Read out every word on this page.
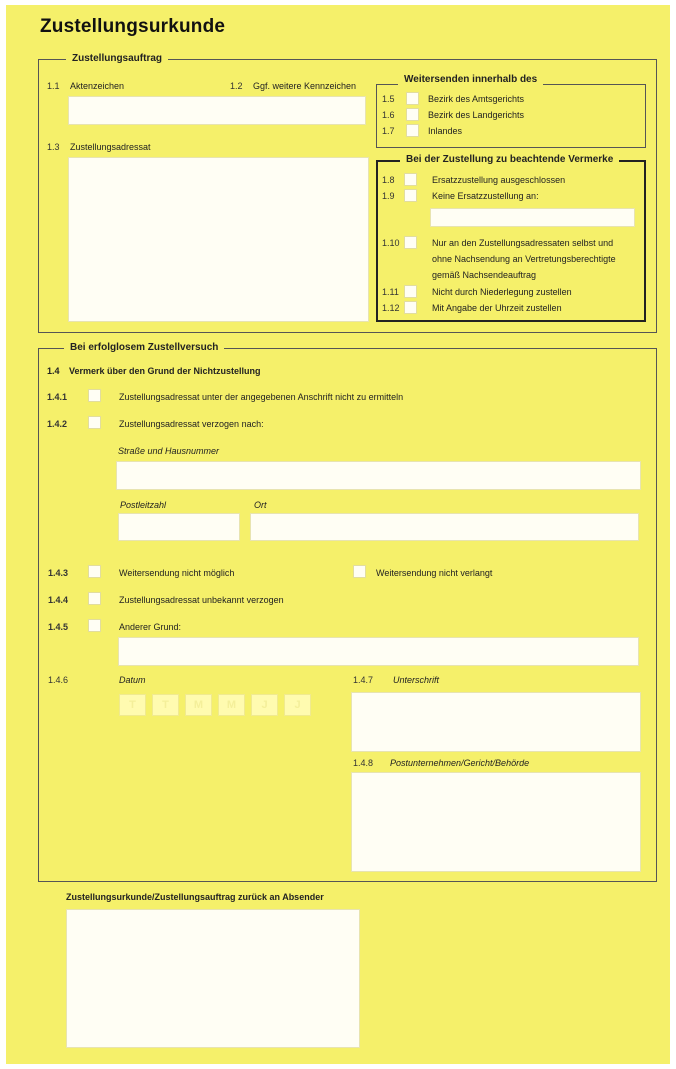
Zustellungsurkunde
Zustellungsauftrag
1.1 Aktenzeichen	1.2 Ggf. weitere Kennzeichen
1.3 Zustellungsadressat
Weitersenden innerhalb des
1.5	Bezirk des Amtsgerichts
1.6	Bezirk des Landgerichts
1.7	Inlandes
Bei der Zustellung zu beachtende Vermerke
1.8	Ersatzzustellung ausgeschlossen
1.9	Keine Ersatzzustellung an:
1.10	Nur an den Zustellungsadressaten selbst und
ohne Nachsendung an Vertretungsberechtigte
gemäß Nachsendeauftrag
1.11	Nicht durch Niederlegung zustellen
1.12	Mit Angabe der Uhrzeit zustellen
Bei erfolglosem Zustellversuch
1.4 Vermerk über den Grund der Nichtzustellung
1.4.1	Zustellungsadressat unter der angegebenen Anschrift nicht zu ermitteln
1.4.2	Zustellungsadressat verzogen nach:
Straße und Hausnummer
Postleitzahl	Ort
1.4.3	Weitersendung nicht möglich	Weitersendung nicht verlangt
1.4.4	Zustellungsadressat unbekannt verzogen
1.4.5	Anderer Grund:
1.4.6	Datum
T	T	M	M	J	J
1.4.7 Unterschrift
1.4.8 Postunternehmen/Gericht/Behörde
Zustellungsurkunde/Zustellungsauftrag zurück an Absender
